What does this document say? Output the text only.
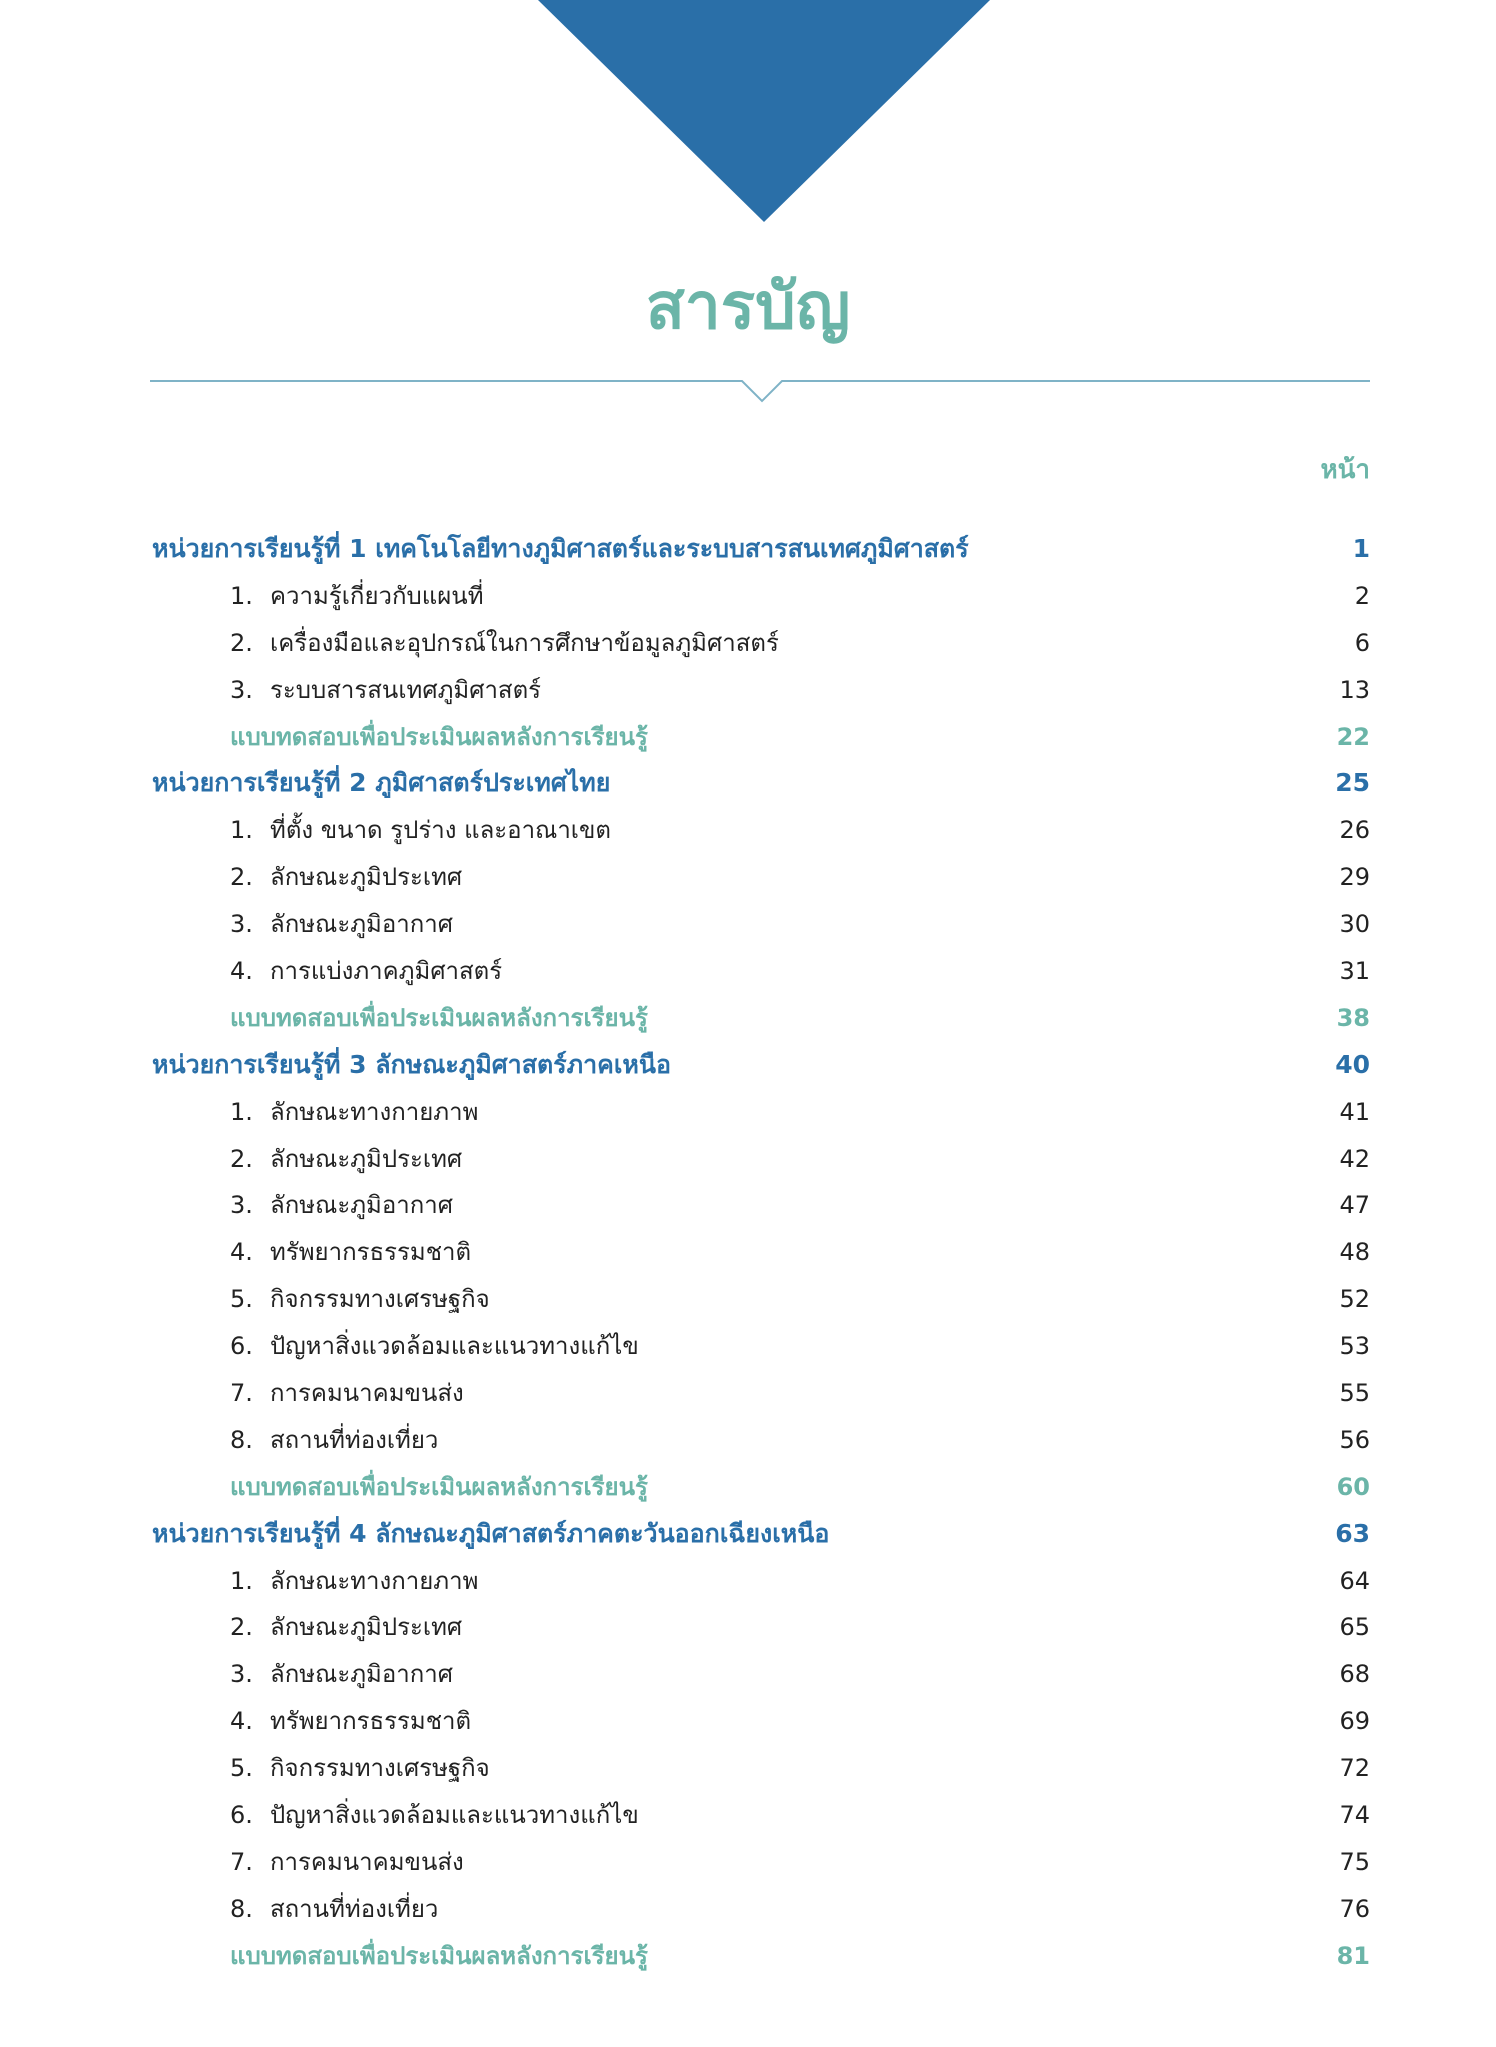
สารบัญ
หน้า
หน่วยการเรียนรู้ที่ 1 เทคโนโลยีทางภูมิศาสตร์และระบบสารสนเทศภูมิศาสตร์	1
1. ความรู้เกี่ยวกับแผนที่	2
2. เครื่องมือและอุปกรณ์ในการศึกษาข้อมูลภูมิศาสตร์	6
3. ระบบสารสนเทศภูมิศาสตร์	13
แบบทดสอบเพื่อประเมินผลหลังการเรียนรู้	22
หน่วยการเรียนรู้ที่ 2 ภูมิศาสตร์ประเทศไทย	25
1. ที่ตั้ง ขนาด รูปร่าง และอาณาเขต	26
2. ลักษณะภูมิประเทศ	29
3. ลักษณะภูมิอากาศ	30
4. การแบ่งภาคภูมิศาสตร์	31
แบบทดสอบเพื่อประเมินผลหลังการเรียนรู้	38
หน่วยการเรียนรู้ที่ 3 ลักษณะภูมิศาสตร์ภาคเหนือ	40
1. ลักษณะทางกายภาพ	41
2. ลักษณะภูมิประเทศ	42
3. ลักษณะภูมิอากาศ	47
4. ทรัพยากรธรรมชาติ	48
5. กิจกรรมทางเศรษฐกิจ	52
6. ปัญหาสิ่งแวดล้อมและแนวทางแก้ไข	53
7. การคมนาคมขนส่ง	55
8. สถานที่ท่องเที่ยว	56
แบบทดสอบเพื่อประเมินผลหลังการเรียนรู้	60
หน่วยการเรียนรู้ที่ 4 ลักษณะภูมิศาสตร์ภาคตะวันออกเฉียงเหนือ	63
1. ลักษณะทางกายภาพ	64
2. ลักษณะภูมิประเทศ	65
3. ลักษณะภูมิอากาศ	68
4. ทรัพยากรธรรมชาติ	69
5. กิจกรรมทางเศรษฐกิจ	72
6. ปัญหาสิ่งแวดล้อมและแนวทางแก้ไข	74
7. การคมนาคมขนส่ง	75
8. สถานที่ท่องเที่ยว	76
แบบทดสอบเพื่อประเมินผลหลังการเรียนรู้	81
